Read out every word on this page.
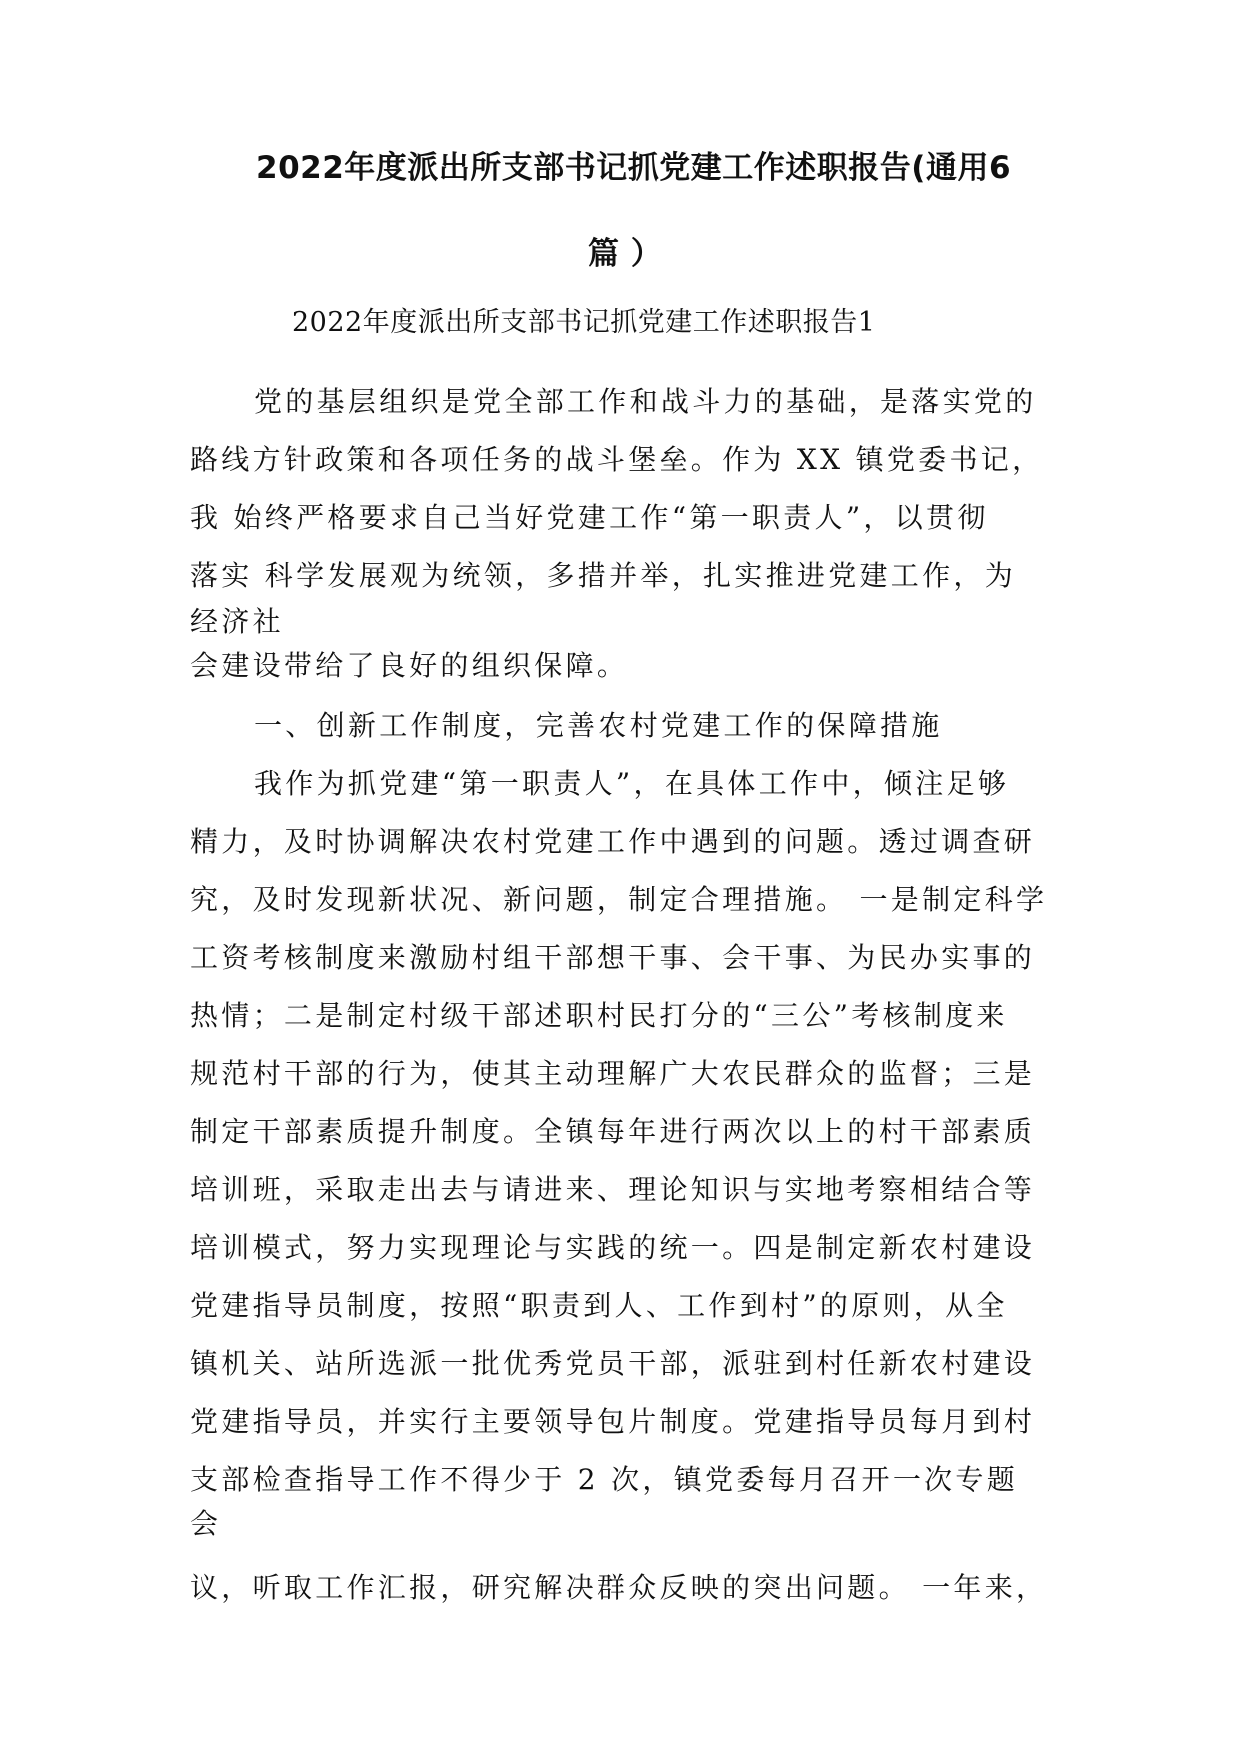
2022年度派出所支部书记抓党建工作述职报告(通用6
篇 ）
2022年度派出所支部书记抓党建工作述职报告1

党的基层组织是党全部工作和战斗力的基础，是落实党的

路线方针政策和各项任务的战斗堡垒。作为 XX 镇党委书记，

我 始终严格要求自己当好党建工作“第一职责人”，以贯彻

落实 科学发展观为统领，多措并举，扎实推进党建工作，为

经济社

会建设带给了良好的组织保障。

一、创新工作制度，完善农村党建工作的保障措施

我作为抓党建“第一职责人”，在具体工作中，倾注足够

精力，及时协调解决农村党建工作中遇到的问题。透过调查研

究，及时发现新状况、新问题，制定合理措施。 一是制定科学

工资考核制度来激励村组干部想干事、会干事、为民办实事的

热情；二是制定村级干部述职村民打分的“三公”考核制度来

规范村干部的行为，使其主动理解广大农民群众的监督；三是

制定干部素质提升制度。全镇每年进行两次以上的村干部素质

培训班，采取走出去与请进来、理论知识与实地考察相结合等

培训模式，努力实现理论与实践的统一。四是制定新农村建设

党建指导员制度，按照“职责到人、工作到村”的原则，从全

镇机关、站所选派一批优秀党员干部，派驻到村任新农村建设

党建指导员，并实行主要领导包片制度。党建指导员每月到村

支部检查指导工作不得少于 2 次，镇党委每月召开一次专题

会

议，听取工作汇报，研究解决群众反映的突出问题。 一年来，
